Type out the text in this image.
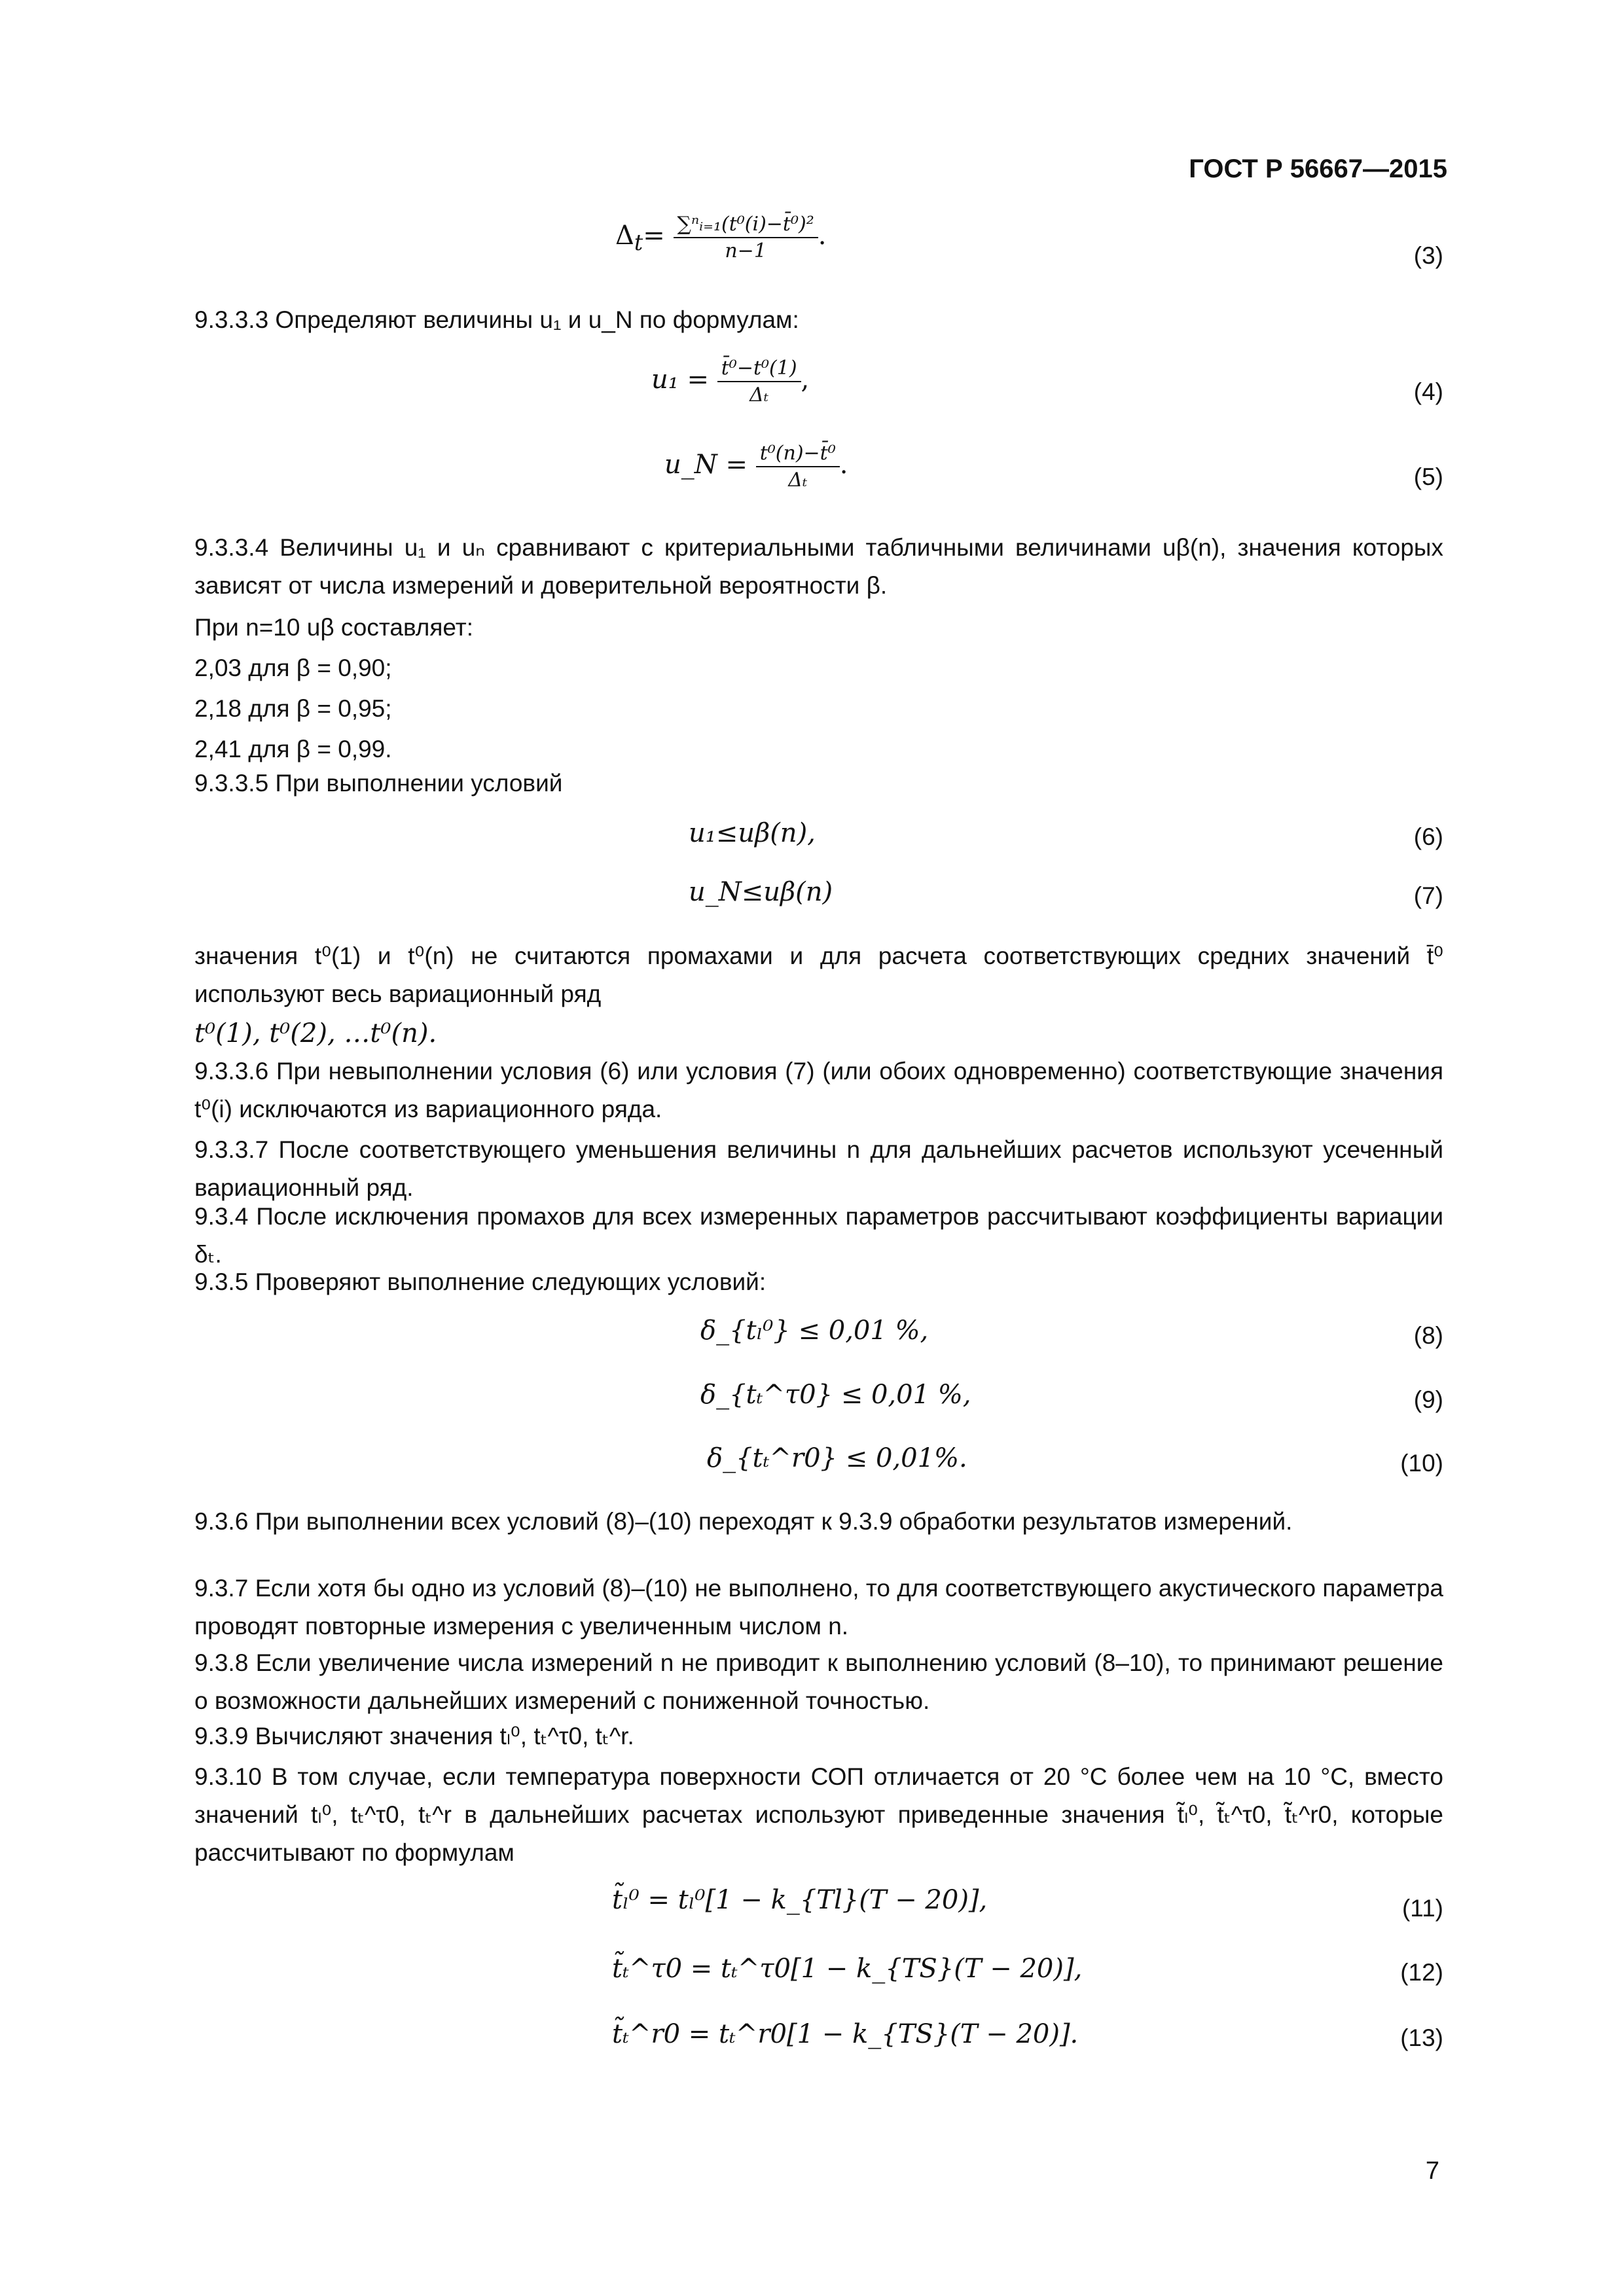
ГОСТ Р 56667—2015
$\Delta_t= \frac{\text{∑ⁿᵢ₌₁(t⁰(i)−t̄⁰)²}}{n-1}$ .
(3)
9.3.3.3 Определяют величины u₁ и u_N по формулам:
$u_1 = \frac{\text{t̄⁰−t⁰(1)}}{\text{Δₜ}}$ ,	(4)
u_N = $\frac{\text{t⁰(n)−t̄⁰}}{\text{Δₜ}}$ .	(5)
9.3.3.4 Величины u₁ и uₙ сравнивают с критериальными табличными величинами uβ(n), значения которых зависят от числа измерений и доверительной вероятности β.
При n=10 uβ составляет:
2,03 для β = 0,90;
2,18 для β = 0,95;
2,41 для β = 0,99.
9.3.3.5 При выполнении условий
u₁≤uβ(n),	(6)
u_N≤uβ(n)	(7)
значения t⁰(1) и t⁰(n) не считаются промахами и для расчета соответствующих средних значений t̄⁰ используют весь вариационный ряд
t⁰(1), t⁰(2), …t⁰(n).
9.3.3.6 При невыполнении условия (6) или условия (7) (или обоих одновременно) соответствующие значения t⁰(i) исключаются из вариационного ряда.
9.3.3.7 После соответствующего уменьшения величины n для дальнейших расчетов используют усеченный вариационный ряд.
9.3.4 После исключения промахов для всех измеренных параметров рассчитывают коэффициенты вариации δₜ.
9.3.5 Проверяют выполнение следующих условий:
δ_{tₗ⁰} ≤ 0,01 %,	(8)
δ_{tₜ^τ0} ≤ 0,01 %,	(9)
δ_{tₜ^r0} ≤ 0,01%.	(10)
9.3.6 При выполнении всех условий (8)–(10) переходят к 9.3.9 обработки результатов измерений.
9.3.7 Если хотя бы одно из условий (8)–(10) не выполнено, то для соответствующего акустического параметра проводят повторные измерения с увеличенным числом n.
9.3.8 Если увеличение числа измерений n не приводит к выполнению условий (8–10), то принимают решение о возможности дальнейших измерений с пониженной точностью.
9.3.9 Вычисляют значения tₗ⁰, tₜ^τ0, tₜ^r.
9.3.10 В том случае, если температура поверхности СОП отличается от 20 °С более чем на 10 °С, вместо значений tₗ⁰, tₜ^τ0, tₜ^r в дальнейших расчетах используют приведенные значения t̃ₗ⁰, t̃ₜ^τ0, t̃ₜ^r0, которые рассчитывают по формулам
t̃ₗ⁰ = tₗ⁰[1 − k_{Tl}(T − 20)],	(11)
t̃ₜ^τ0 = tₜ^τ0[1 − k_{TS}(T − 20)],	(12)
t̃ₜ^r0 = tₜ^r0[1 − k_{TS}(T − 20)].	(13)
7
